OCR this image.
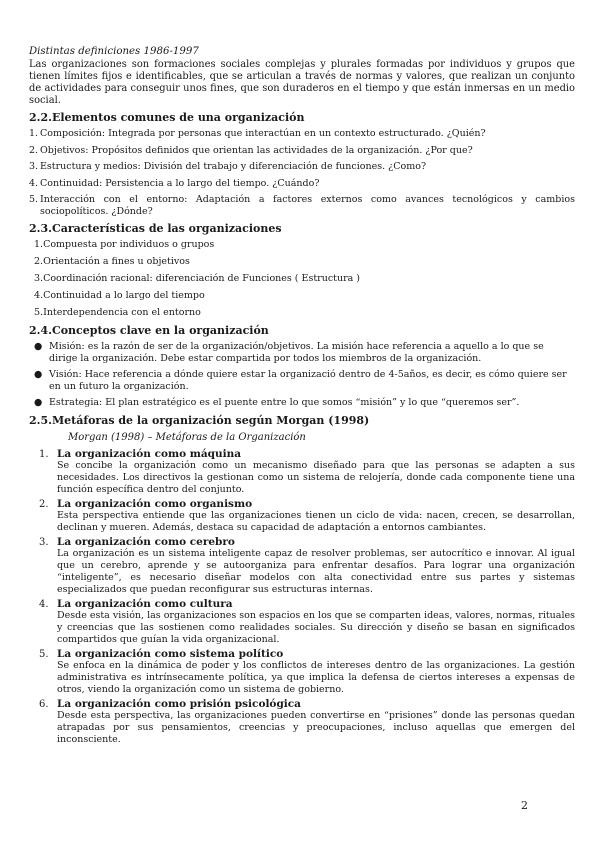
Distintas definiciones 1986-1997

Las organizaciones son formaciones sociales complejas y plurales formadas por individuos y grupos que tienen límites fijos e identificables, que se articulan a través de normas y valores, que realizan un conjunto de actividades para conseguir unos fines, que son duraderos en el tiempo y que están inmersas en un medio social.

2.2.Elementos comunes de una organización
1. Composición: Integrada por personas que interactúan en un contexto estructurado. ¿Quién?
2. Objetivos: Propósitos definidos que orientan las actividades de la organización. ¿Por que?
3. Estructura y medios: División del trabajo y diferenciación de funciones. ¿Como?
4. Continuidad: Persistencia a lo largo del tiempo. ¿Cuándo?
5. Interacción con el entorno: Adaptación a factores externos como avances tecnológicos y cambios sociopolíticos. ¿Dónde?
2.3.Características de las organizaciones
1.Compuesta por individuos o grupos
2.Orientación a fines u objetivos
3.Coordinación racional: diferenciación de Funciones ( Estructura )
4.Continuidad a lo largo del tiempo
5.Interdependencia con el entorno
2.4.Conceptos clave en la organización
● Misión: es la razón de ser de la organización/objetivos. La misión hace referencia a aquello a lo que se dirige la organización. Debe estar compartida por todos los miembros de la organización.
● Visión: Hace referencia a dónde quiere estar la organizació dentro de 4-5años, es decir, es cómo quiere ser en un futuro la organización.
● Estrategia: El plan estratégico es el puente entre lo que somos “misión” y lo que “queremos ser”.
2.5.Metáforas de la organización según Morgan (1998)
Morgan (1998) – Metáforas de la Organización
1. La organización como máquina
Se concibe la organización como un mecanismo diseñado para que las personas se adapten a sus necesidades. Los directivos la gestionan como un sistema de relojería, donde cada componente tiene una función específica dentro del conjunto.
2. La organización como organismo
Esta perspectiva entiende que las organizaciones tienen un ciclo de vida: nacen, crecen, se desarrollan, declinan y mueren. Además, destaca su capacidad de adaptación a entornos cambiantes.
3. La organización como cerebro
La organización es un sistema inteligente capaz de resolver problemas, ser autocrítico e innovar. Al igual que un cerebro, aprende y se autoorganiza para enfrentar desafíos. Para lograr una organización “inteligente”, es necesario diseñar modelos con alta conectividad entre sus partes y sistemas especializados que puedan reconfigurar sus estructuras internas.
4. La organización como cultura
Desde esta visión, las organizaciones son espacios en los que se comparten ideas, valores, normas, rituales y creencias que las sostienen como realidades sociales. Su dirección y diseño se basan en significados compartidos que guían la vida organizacional.
5. La organización como sistema político
Se enfoca en la dinámica de poder y los conflictos de intereses dentro de las organizaciones. La gestión administrativa es intrínsecamente política, ya que implica la defensa de ciertos intereses a expensas de otros, viendo la organización como un sistema de gobierno.
6. La organización como prisión psicológica
Desde esta perspectiva, las organizaciones pueden convertirse en “prisiones” donde las personas quedan atrapadas por sus pensamientos, creencias y preocupaciones, incluso aquellas que emergen del inconsciente.
2
